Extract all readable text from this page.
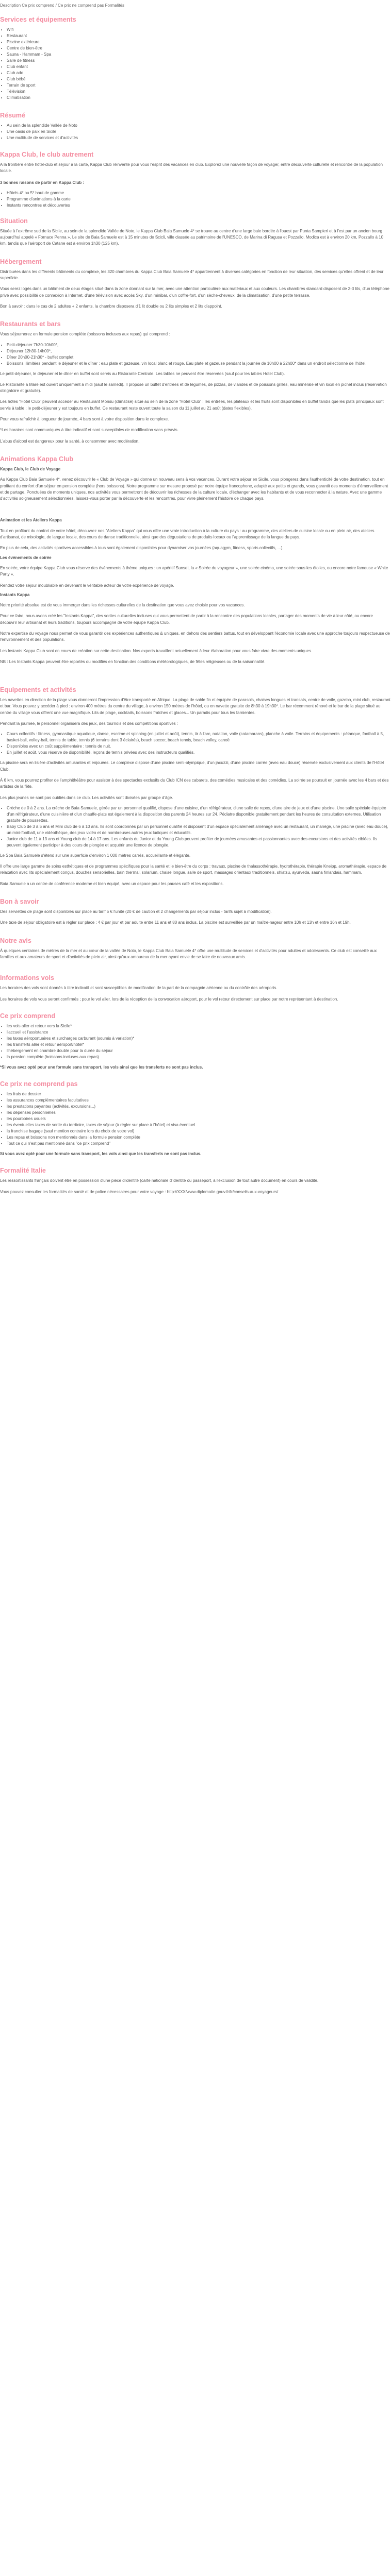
Description Ce prix comprend / Ce prix ne comprend pas Formalités
Services et équipements
• Wifi
• Restaurant
• Piscine extérieure
• Centre de bien-être
• Sauna - Hammam - Spa
• Salle de fitness
• Club enfant
• Club ado
• Club bébé
• Terrain de sport
• Télévision
• Climatisation
Résumé
• Au sein de la splendide Vallée de Noto
• Une oasis de paix en Sicile
• Une multitude de services et d'activités
Kappa Club, le club autrement

A la frontière entre hôtel-club et séjour à la carte, Kappa Club réinvente pour vous l'esprit des vacances en club. Explorez une nouvelle façon de voyager, entre découverte culturelle et rencontre de la population locale.

3 bonnes raisons de partir en Kappa Club :

• Hôtels 4* ou 5* haut de gamme
• Programme d'animations à la carte
• Instants rencontres et découvertes
Situation

Située à l'extrême sud de la Sicile, au sein de la splendide Vallée de Noto, le Kappa Club Baia Samuele 4* se trouve au centre d'une large baie bordée à l'ouest par Punta Sampieri et à l'est par un ancien bourg aujourd'hui appelé « Fornace Penna ». Le site de Baia Samuele est à 15 minutes de Scicli, ville classée au patrimoine de l'UNESCO, de Marina di Ragusa et Pozzallo. Modica est à environ 20 km, Pozzallo à 10 km, tandis que l'aéroport de Catane est à environ 1h30 (125 km).

Hébergement

Distribuées dans les différents bâtiments du complexe, les 320 chambres du Kappa Club Baia Samuele 4* appartiennent à diverses catégories en fonction de leur situation, des services qu'elles offrent et de leur superficie.

Vous serez logés dans un bâtiment de deux étages situé dans la zone donnant sur la mer, avec une attention particulière aux matériaux et aux couleurs. Les chambres standard disposent de 2-3 lits, d'un téléphone privé avec possibilité de connexion à Internet, d'une télévision avec accès Sky, d'un minibar, d'un coffre-fort, d'un sèche-cheveux, de la climatisation, d'une petite terrasse.

Bon à savoir : dans le cas de 2 adultes + 2 enfants, la chambre disposera d'1 lit double ou 2 lits simples et 2 lits d'appoint.

Restaurants et bars

Vous séjournerez en formule pension complète (boissons incluses aux repas) qui comprend :

• Petit-déjeuner 7h30-10h00*,
• Déjeuner 12h30-14h00*,
• Dîner 20h00-21h30* - buffet complet
• Boissons illimitées pendant le déjeuner et le dîner : eau plate et gazeuse, vin local blanc et rouge. Eau plate et gazeuse pendant la journée de 10h00 à 22h00* dans un endroit sélectionné de l'hôtel.

Le petit-déjeuner, le déjeuner et le dîner en buffet sont servis au Ristorante Centrale. Les tables ne peuvent être réservées (sauf pour les tables Hotel Club).

Le Ristorante a Mare est ouvert uniquement à midi (sauf le samedi). Il propose un buffet d'entrées et de légumes, de pizzas, de viandes et de poissons grillés, eau minérale et vin local en pichet inclus (réservation obligatoire et gratuite).

Les hôtes "Hotel Club" peuvent accéder au Restaurant Monsu (climatisé) situé au sein de la zone "Hotel Club" : les entrées, les plateaux et les fruits sont disponibles en buffet tandis que les plats principaux sont servis à table ; le petit-déjeuner y est toujours en buffet. Ce restaurant reste ouvert toute la saison du 11 juillet au 21 août (dates flexibles).

Pour vous rafraîchir à longueur de journée, 4 bars sont à votre disposition dans le complexe.

*Les horaires sont communiqués à titre indicatif et sont susceptibles de modification sans préavis.

L'abus d'alcool est dangereux pour la santé, à consommer avec modération.

Animations Kappa Club

Kappa Club, le Club de Voyage

Au Kappa Club Baia Samuele 4*, venez découvrir le « Club de Voyage » qui donne un nouveau sens à vos vacances. Durant votre séjour en Sicile, vous plongerez dans l'authenticité de votre destination, tout en profitant du confort d'un séjour en pension complète (hors boissons). Notre programme sur mesure proposé par notre équipe francophone, adapté aux petits et grands, vous garantit des moments d'émerveillement et de partage. Ponctuées de moments uniques, nos activités vous permettront de découvrir les richesses de la culture locale, d'échanger avec les habitants et de vous reconnecter à la nature. Avec une gamme d'activités soigneusement sélectionnées, laissez-vous porter par la découverte et les rencontres, pour vivre pleinement l'histoire de chaque pays.

Animation et les Ateliers Kappa

Tout en profitant du confort de votre hôtel, découvrez nos "Ateliers Kappa" qui vous offre une vraie introduction à la culture du pays : au programme, des ateliers de cuisine locale ou en plein air, des ateliers d'artisanat, de mixologie, de langue locale, des cours de danse traditionnelle, ainsi que des dégustations de produits locaux ou l'apprentissage de la langue du pays.

En plus de cela, des activités sportives accessibles à tous sont également disponibles pour dynamiser vos journées (aquagym, fitness, sports collectifs, ...).

Les événements de soirée

En soirée, votre équipe Kappa Club vous réserve des événements à thème uniques : un apéritif Sunset, la « Soirée du voyageur », une soirée cinéma, une soirée sous les étoiles, ou encore notre fameuse « White Party ».

Rendez votre séjour inoubliable en devenant le véritable acteur de votre expérience de voyage.

Instants Kappa

Notre priorité absolue est de vous immerger dans les richesses culturelles de la destination que vous avez choisie pour vos vacances.

Pour ce faire, nous avons créé les "Instants Kappa", des sorties culturelles incluses qui vous permettent de partir à la rencontre des populations locales, partager des moments de vie à leur côté, ou encore découvrir leur artisanat et leurs traditions, toujours accompagné de votre équipe Kappa Club.

Notre expertise du voyage nous permet de vous garantir des expériences authentiques & uniques, en dehors des sentiers battus, tout en développant l'économie locale avec une approche toujours respectueuse de l'environnement et des populations.

Les Instants Kappa Club sont en cours de création sur cette destination. Nos experts travaillent actuellement à leur élaboration pour vous faire vivre des moments uniques.

NB : Les Instants Kappa peuvent être reportés ou modifiés en fonction des conditions météorologiques, de fêtes religieuses ou de la saisonnalité.

Equipements et activités

Les navettes en direction de la plage vous donneront l'impression d'être transporté en Afrique. La plage de sable fin et équipée de parasols, chaises longues et transats, centre de voile, gazebo, mini club, restaurant et bar. Vous pouvez y accéder à pied : environ 400 mètres du centre du village, à environ 150 mètres de l'hôtel, ou en navette gratuite de 8h30 à 19h30*. Le bar récemment rénové et le bar de la plage situé au centre du village vous offrent une vue magnifique. Lits de plage, cocktails, boissons fraîches et glaces... Un paradis pour tous les farnientes.

Pendant la journée, le personnel organisera des jeux, des tournois et des compétitions sportives :

• Cours collectifs : fitness, gymnastique aquatique, danse, escrime et spinning (en juillet et août), tennis, tir à l'arc, natation, voile (catamarans), planche à voile. Terrains et équipements : pétanque, football à 5, basket-ball, volley-ball, tennis de table, tennis (6 terrains dont 3 éclairés), beach soccer, beach tennis, beach volley, canoë
• Disponibles avec un coût supplémentaire : tennis de nuit.
• En juillet et août, vous réserve de disponibilité, leçons de tennis privées avec des instructeurs qualifiés.

La piscine sera en lisière d'activités amusantes et enjouées. Le complexe dispose d'une piscine semi-olympique, d'un jacuzzi, d'une piscine carrée (avec eau douce) réservée exclusivement aux clients de l'Hôtel Club.

À 6 km, vous pourrez profiter de l'amphithéâtre pour assister à des spectacles exclusifs du Club ICN des cabarets, des comédies musicales et des comédies. La soirée se poursuit en journée avec les 4 bars et des artistes de la fête.

Les plus jeunes ne sont pas oubliés dans ce club. Les activités sont divisées par groupe d'âge.

• Crèche de 0 à 2 ans. La crèche de Baia Samuele, gérée par un personnel qualifié, dispose d'une cuisine, d'un réfrigérateur, d'une salle de repos, d'une aire de jeux et d'une piscine. Une salle spéciale équipée d'un réfrigérateur, d'une cuisinière et d'un chauffe-plats est également à la disposition des parents 24 heures sur 24. Pédiatre disponible gratuitement pendant les heures de consultation externes. Utilisation gratuite de poussettes.
• Baby Club de 3 à 5 ans et Mini club de 6 à 10 ans. Ils sont coordonnés par un personnel qualifié et disposent d'un espace spécialement aménagé avec un restaurant, un manège, une piscine (avec eau douce), un mini-football, une vidéothèque, des jeux vidéo et de nombreuses autres jeux ludiques et éducatifs.
• Junior club de 11 à 13 ans et Young club de 14 à 17 ans. Les enfants du Junior et du Young Club peuvent profiter de journées amusantes et passionnantes avec des excursions et des activités ciblées. Ils peuvent également participer à des cours de plongée et acquérir une licence de plongée.

Le Spa Baia Samuele s'étend sur une superficie d'environ 1 000 mètres carrés, accueillante et élégante.

Il offre une large gamme de soins esthétiques et de programmes spécifiques pour la santé et le bien-être du corps : travaux, piscine de thalassothérapie, hydrothérapie, thérapie Kneipp, aromathérapie, espace de relaxation avec lits spécialement conçus, douches sensorielles, bain thermal, solarium, chaise longue, salle de sport, massages orientaux traditionnels, shiatsu, ayurveda, sauna finlandais, hammam.

Baia Samuele a un centre de conférence moderne et bien équipé, avec un espace pour les pauses café et les expositions.

Bon à savoir

Des serviettes de plage sont disponibles sur place au tarif 5 € l'unité (20 € de caution et 2 changements par séjour inclus - tarifs sujet à modification).

Une taxe de séjour obligatoire est à régler sur place : 4 € par jour et par adulte entre 11 ans et 80 ans inclus. La piscine est surveillée par un maître-nageur entre 10h et 13h et entre 16h et 19h.

Notre avis

À quelques centaines de mètres de la mer et au cœur de la vallée de Noto, le Kappa Club Baia Samuele 4* offre une multitude de services et d'activités pour adultes et adolescents. Ce club est conseillé aux familles et aux amateurs de sport et d'activités de plein air, ainsi qu'aux amoureux de la mer ayant envie de se faire de nouveaux amis.

Informations vols

Les horaires des vols sont donnés à titre indicatif et sont susceptibles de modification de la part de la compagnie aérienne ou du contrôle des aéroports.

Les horaires de vols vous seront confirmés ; pour le vol aller, lors de la réception de la convocation aéroport, pour le vol retour directement sur place par notre représentant à destination.

Ce prix comprend
• les vols aller et retour vers la Sicile*
• l'accueil et l'assistance
• les taxes aéroportuaires et surcharges carburant (soumis à variation)*
• les transferts aller et retour aéroport/hôtel*
• l'hébergement en chambre double pour la durée du séjour
• la pension complète (boissons incluses aux repas)

*Si vous avez opté pour une formule sans transport, les vols ainsi que les transferts ne sont pas inclus.

Ce prix ne comprend pas
• les frais de dossier
• les assurances complémentaires facultatives
• les prestations payantes (activités, excursions...)
• les dépenses personnelles
• les pourboires usuels
• les éventuelles taxes de sortie du territoire, taxes de séjour (à régler sur place à l'hôtel) et visa éventuel
• la franchise bagage (sauf mention contraire lors du choix de votre vol)
• Les repas et boissons non mentionnés dans la formule pension complète
• Tout ce qui n'est pas mentionné dans "ce prix comprend"

Si vous avez opté pour une formule sans transport, les vols ainsi que les transferts ne sont pas inclus.

Formalité Italie

Les ressortissants français doivent être en possession d'une pièce d'identité (carte nationale d'identité ou passeport, à l'exclusion de tout autre document) en cours de validité.

Vous pouvez consulter les formalités de santé et de police nécessaires pour votre voyage : http://XXX/www.diplomatie.gouv.fr/fr/conseils-aux-voyageurs/
